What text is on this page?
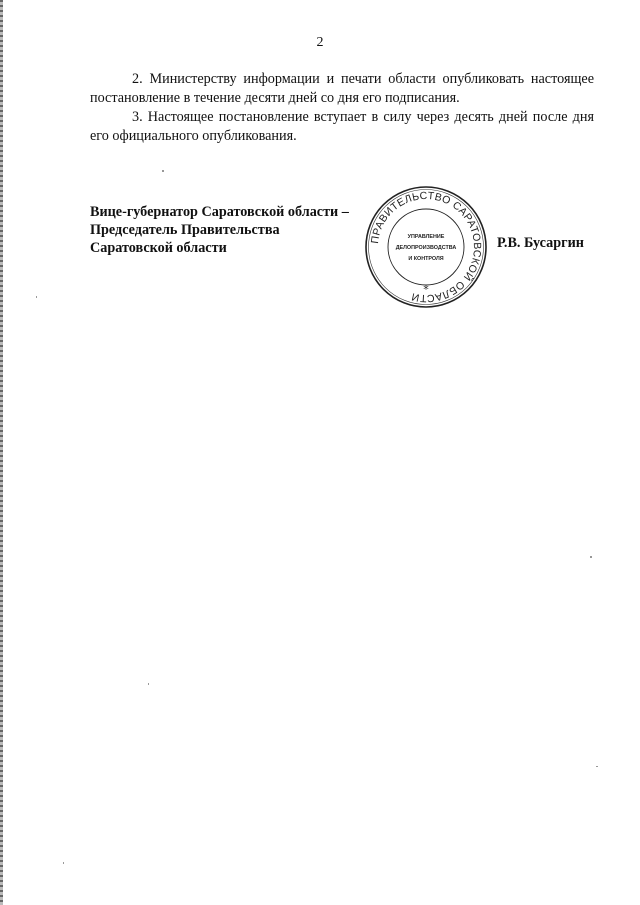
2

2. Министерству информации и печати области опубликовать настоящее постановление в течение десяти дней со дня его подписания.

3. Настоящее постановление вступает в силу через десять дней после дня его официального опубликования.

Вице-губернатор Саратовской области –
Председатель Правительства
Саратовской области
ПРАВИТЕЛЬСТВО САРАТОВСКОЙ ОБЛАСТИ
*
УПРАВЛЕНИЕ
ДЕЛОПРОИЗВОДСТВА
И КОНТРОЛЯ
Р.В. Бусаргин
